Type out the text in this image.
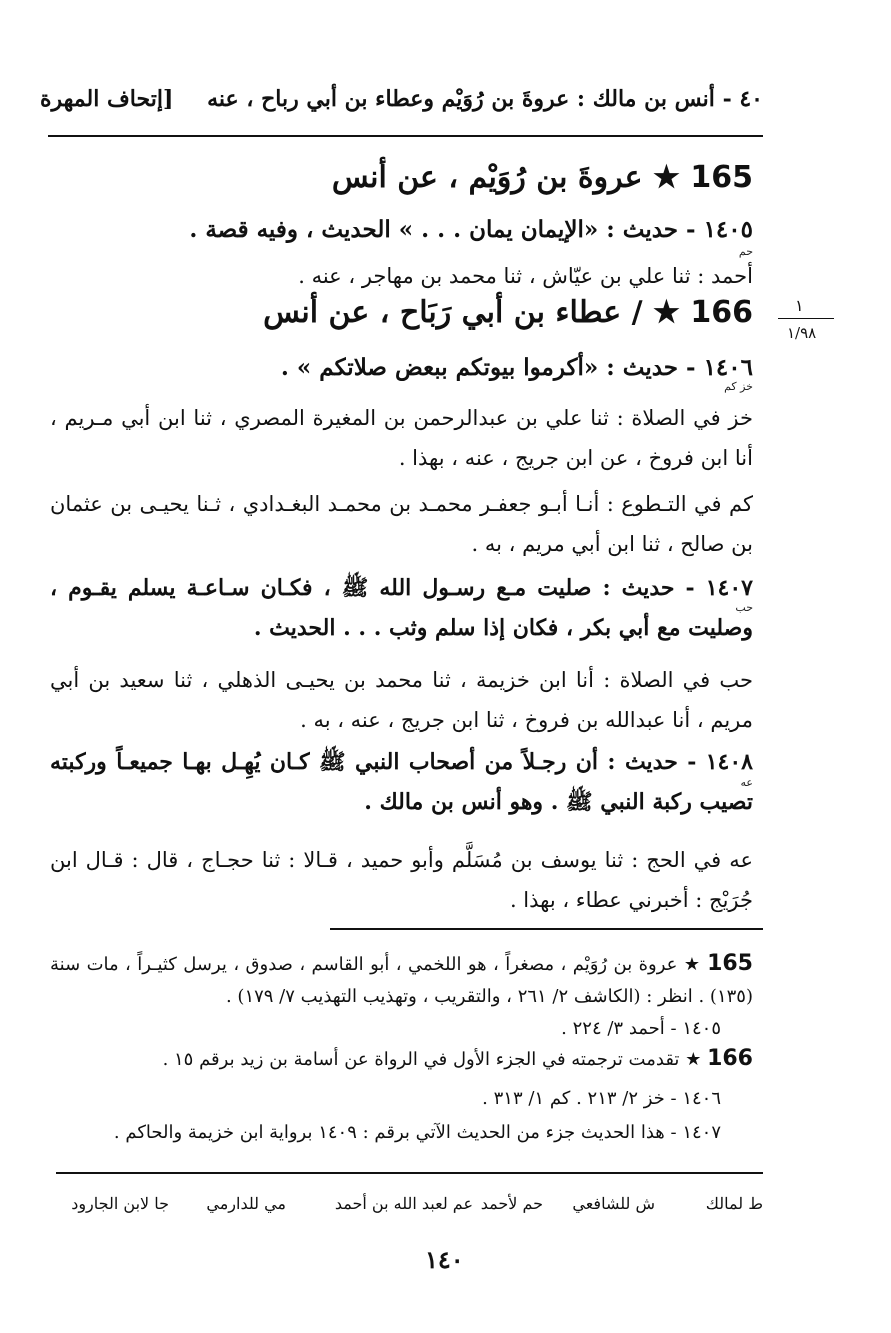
٤٠ - أنس بن مالك : عروةَ بن رُوَيْم وعطاء بن أبي رباح ، عنه
[إتحاف المهرة
165 ★ عروةَ بن رُوَيْم ، عن أنس
١٤٠٥ - حديث : «الإيمان يمان . . . » الحديث ، وفيه قصة .
حم
أحمد : ثنا علي بن عيّاش ، ثنا محمد بن مهاجر ، عنه .
١
١/٩٨
166 ★ / عطاء بن أبي رَبَاح ، عن أنس
١٤٠٦ - حديث : «أكرموا بيوتكم ببعض صلاتكم » .
خز كم
خز في الصلاة : ثنا علي بن عبدالرحمن بن المغيرة المصري ، ثنا ابن أبي مـريم ، أنا ابن فروخ ، عن ابن جريج ، عنه ، بهذا .
كم في التـطوع : أنـا أبـو جعفـر محمـد بن محمـد البغـدادي ، ثـنا يحيـى بن عثمان بن صالح ، ثنا ابن أبي مريم ، به .
١٤٠٧ - حديث : صليت مـع رسـول الله ﷺ ، فكـان سـاعـة يسلم يقـوم ، وصليت مع أبي بكر ، فكان إذا سلم وثب . . . الحديث .
حب
حب في الصلاة : أنا ابن خزيمة ، ثنا محمد بن يحيـى الذهلي ، ثنا سعيد بن أبي مريم ، أنا عبدالله بن فروخ ، ثنا ابن جريج ، عنه ، به .
١٤٠٨ - حديث : أن رجـلاً من أصحاب النبي ﷺ كـان يُهِـل بهـا جميعـاً وركبته تصيب ركبة النبي ﷺ . وهو أنس بن مالك .
عه
عه في الحج : ثنا يوسف بن مُسَلَّم وأبو حميد ، قـالا : ثنا حجـاج ، قال : قـال ابن جُرَيْج : أخبرني عطاء ، بهذا .
165 ★ عروة بن رُوَيْم ، مصغراً ، هو اللخمي ، أبو القاسم ، صدوق ، يرسل كثيـراً ، مات سنة (١٣٥) . انظر : (الكاشف ٢/ ٢٦١ ، والتقريب ، وتهذيب التهذيب ٧/ ١٧٩) .
١٤٠٥ - أحمد ٣/ ٢٢٤ .
166 ★ تقدمت ترجمته في الجزء الأول في الرواة عن أسامة بن زيد برقم ١٥ .
١٤٠٦ - خز ٢/ ٢١٣ . كم ١/ ٣١٣ .
١٤٠٧ - هذا الحديث جزء من الحديث الآتي برقم : ١٤٠٩ برواية ابن خزيمة والحاكم .
ط لمالك
ش للشافعي
حم لأحمد
عم لعبد الله بن أحمد
مي للدارمي
جا لابن الجارود
١٤٠
